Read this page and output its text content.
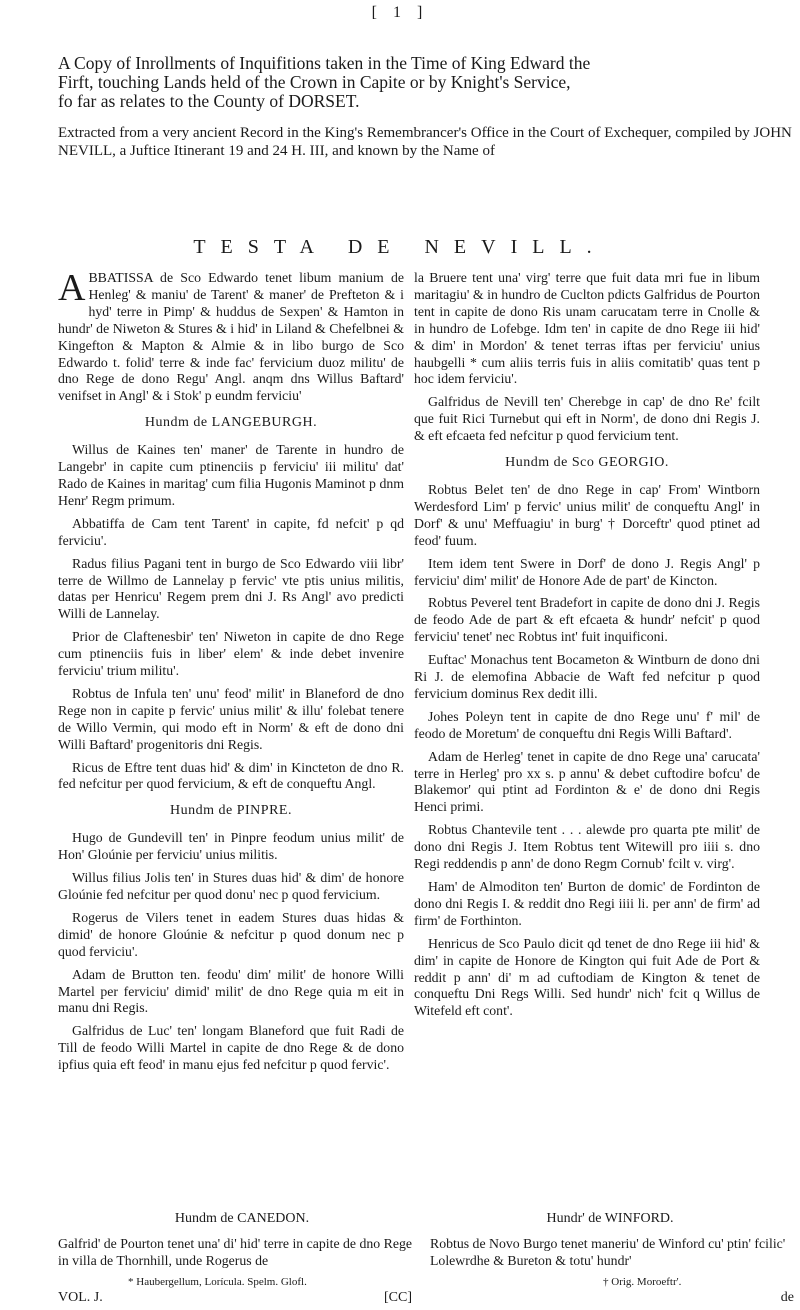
[ 1 ]

A Copy of Inrollments of Inquifitions taken in the Time of King Edward the

Firft, touching Lands held of the Crown in Capite or by Knight's Service,

fo far as relates to the County of DORSET.

Extracted from a very ancient Record in the King's Remembrancer's Office in the Court of Exchequer, compiled by JOHN NEVILL, a Juftice Itinerant 19 and 24 H. III, and known by the Name of
TESTA DE NEVILL.

ABBATISSA de Sco Edwardo tenet libum manium de Henleg' & maniu' de Tarent' & maner' de Prefteton & i hyd' terre in Pimp' & huddus de Sexpen' & Hamton in hundr' de Niweton & Stures & i hid' in Liland & Chefelbnei & Kingefton & Mapton & Almie & in libo burgo de Sco Edwardo t. folid' terre & inde fac' fervicium duoz militu' de dno Rege de dono Regu' Angl. anqm dns Willus Baftard' venifset in Angl' & i Stok' p eundm ferviciu'

Hundm de LANGEBURGH.

Willus de Kaines ten' maner' de Tarente in hundro de Langebr' in capite cum ptinenciis p ferviciu' iii militu' dat' Rado de Kaines in maritag' cum filia Hugonis Maminot p dnm Henr' Regm primum.

Abbatiffa de Cam tent Tarent' in capite, fd nefcit' p qd ferviciu'.

Radus filius Pagani tent in burgo de Sco Edwardo viii libr' terre de Willmo de Lannelay p fervic' vte ptis unius militis, datas per Henricu' Regem prem dni J. Rs Angl' avo predicti Willi de Lannelay.

Prior de Claftenesbir' ten' Niweton in capite de dno Rege cum ptinenciis fuis in liber' elem' & inde debet invenire ferviciu' trium militu'.

Robtus de Infula ten' unu' feod' milit' in Blaneford de dno Rege non in capite p fervic' unius milit' & illu' folebat tenere de Willo Vermin, qui modo eft in Norm' & eft de dono dni Willi Baftard' progenitoris dni Regis.

Ricus de Eftre tent duas hid' & dim' in Kincteton de dno R. fed nefcitur per quod fervicium, & eft de conqueftu Angl.

Hundm de PINPRE.

Hugo de Gundevill ten' in Pinpre feodum unius milit' de Hon' Gloúnie per ferviciu' unius militis.

Willus filius Jolis ten' in Stures duas hid' & dim' de honore Gloúnie fed nefcitur per quod donu' nec p quod fervicium.

Rogerus de Vilers tenet in eadem Stures duas hidas & dimid' de honore Gloúnie & nefcitur p quod donum nec p quod ferviciu'.

Adam de Brutton ten. feodu' dim' milit' de honore Willi Martel per ferviciu' dimid' milit' de dno Rege quia m eit in manu dni Regis.

Galfridus de Luc' ten' longam Blaneford que fuit Radi de Till de feodo Willi Martel in capite de dno Rege & de dono ipfius quia eft feod' in manu ejus fed nefcitur p quod fervic'.

la Bruere tent una' virg' terre que fuit data mri fue in libum maritagiu' & in hundro de Cuclton pdicts Galfridus de Pourton tent in capite de dono Ris unam carucatam terre in Cnolle & in hundro de Lofebge. Idm ten' in capite de dno Rege iii hid' & dim' in Mordon' & tenet terras iftas per ferviciu' unius haubgelli * cum aliis terris fuis in aliis comitatib' quas tent p hoc idem ferviciu'.

Galfridus de Nevill ten' Cherebge in cap' de dno Re' fcilt que fuit Rici Turnebut qui eft in Norm', de dono dni Regis J. & eft efcaeta fed nefcitur p quod fervicium tent.

Hundm de Sco GEORGIO.

Robtus Belet ten' de dno Rege in cap' From' Wintborn Werdesford Lim' p fervic' unius milit' de conqueftu Angl' in Dorf' & unu' Meffuagiu' in burg' † Dorceftr' quod ptinet ad feod' fuum.

Item idem tent Swere in Dorf' de dono J. Regis Angl' p ferviciu' dim' milit' de Honore Ade de part' de Kincton.

Robtus Peverel tent Bradefort in capite de dono dni J. Regis de feodo Ade de part & eft efcaeta & hundr' nefcit' p quod ferviciu' tenet' nec Robtus int' fuit inquificoni.

Euftac' Monachus tent Bocameton & Wintburn de dono dni Ri J. de elemofina Abbacie de Waft fed nefcitur p quod fervicium dominus Rex dedit illi.

Johes Poleyn tent in capite de dno Rege unu' f' mil' de feodo de Moretum' de conqueftu dni Regis Willi Baftard'.

Adam de Herleg' tenet in capite de dno Rege una' carucata' terre in Herleg' pro xx s. p annu' & debet cuftodire bofcu' de Blakemor' qui ptint ad Fordinton & e' de dono dni Regis Henci primi.

Robtus Chantevile tent . . . alewde pro quarta pte milit' de dono dni Regis J. Item Robtus tent Witewill pro iiii s. dno Regi reddendis p ann' de dono Regm Cornub' fcilt v. virg'.

Ham' de Almoditon ten' Burton de domic' de Fordinton de dono dni Regis I. & reddit dno Regi iiii li. per ann' de firm' ad firm' de Forthinton.

Henricus de Sco Paulo dicit qd tenet de dno Rege iii hid' & dim' in capite de Honore de Kington qui fuit Ade de Port & reddit p ann' di' m ad cuftodiam de Kington & tenet de conqueftu Dni Regs Willi. Sed hundr' nich' fcit q Willus de Witefeld eft cont'.

Hundm de CANEDON.	Hundr' de WINFORD.
Galfrid' de Pourton tenet una' di' hid' terre in capite de dno Rege in villa de Thornhill, unde Rogerus de
Robtus de Novo Burgo tenet maneriu' de Winford cu' ptin' fcilic' Lolewrdhe & Bureton & totu' hundr'
* Haubergellum, Lorícula. Spelm. Glofl.	† Orig. Moroeftr'.
VOL. J.	[CC]	de
